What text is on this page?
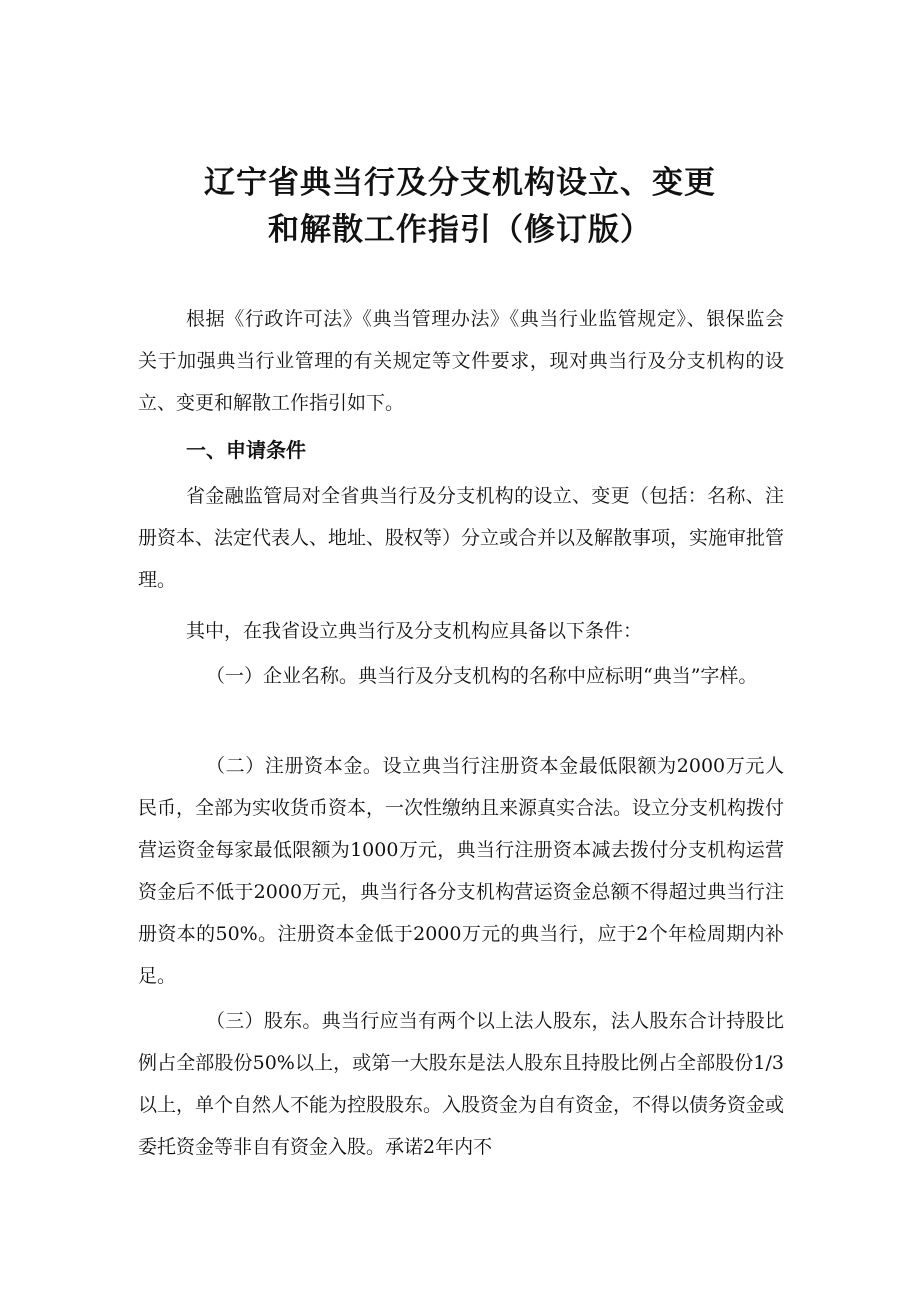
辽宁省典当行及分支机构设立、变更
和解散工作指引（修订版）

根据《行政许可法》《典当管理办法》《典当行业监管规定》、银保监会关于加强典当行业管理的有关规定等文件要求，现对典当行及分支机构的设立、变更和解散工作指引如下。

一、申请条件

省金融监管局对全省典当行及分支机构的设立、变更（包括：名称、注册资本、法定代表人、地址、股权等）分立或合并以及解散事项，实施审批管理。

其中，在我省设立典当行及分支机构应具备以下条件：

（一）企业名称。典当行及分支机构的名称中应标明“典当”字样。

（二）注册资本金。设立典当行注册资本金最低限额为2000万元人民币，全部为实收货币资本，一次性缴纳且来源真实合法。设立分支机构拨付营运资金每家最低限额为1000万元，典当行注册资本减去拨付分支机构运营资金后不低于2000万元，典当行各分支机构营运资金总额不得超过典当行注册资本的50%。注册资本金低于2000万元的典当行，应于2个年检周期内补足。

（三）股东。典当行应当有两个以上法人股东，法人股东合计持股比例占全部股份50%以上，或第一大股东是法人股东且持股比例占全部股份1/3以上，单个自然人不能为控股股东。入股资金为自有资金，不得以债务资金或委托资金等非自有资金入股。承诺2年内不
